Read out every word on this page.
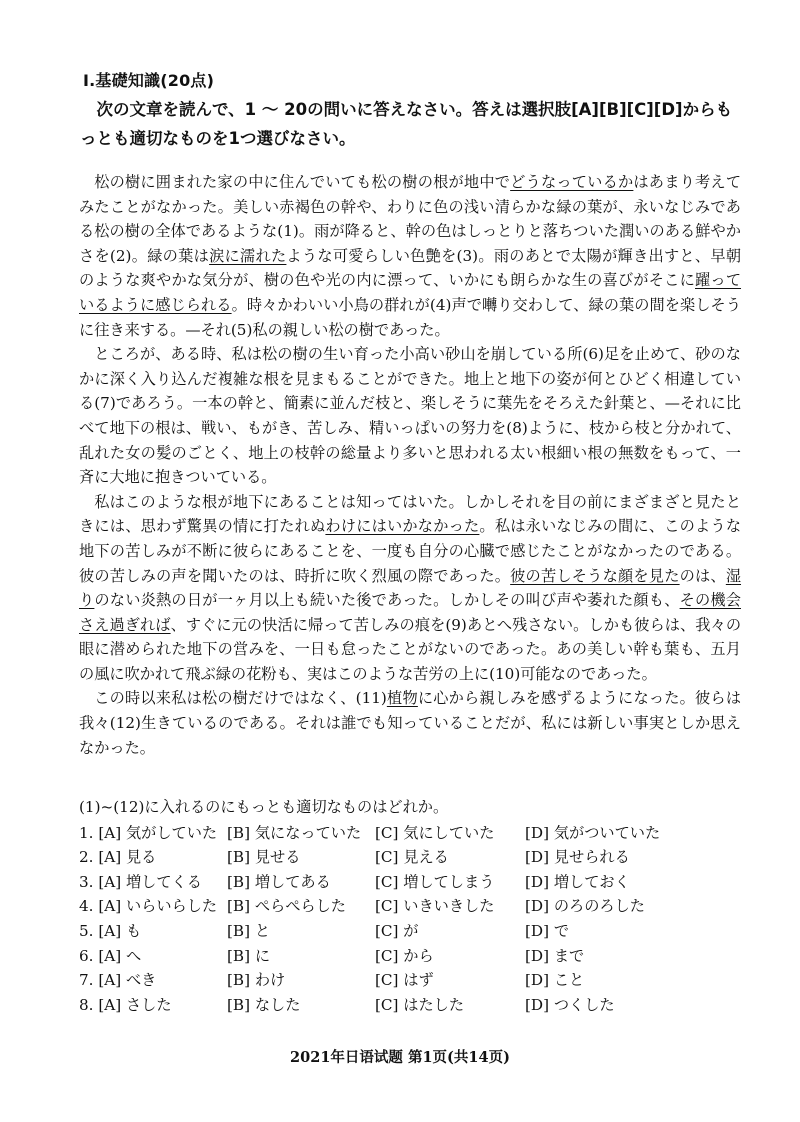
Ⅰ.基礎知識(20点)

次の文章を読んで、1 ～ 20の問いに答えなさい。答えは選択肢[A][B][C][D]からもっとも適切なものを1つ選びなさい。

松の樹に囲まれた家の中に住んでいても松の樹の根が地中でどうなっているかはあまり考えてみたことがなかった。美しい赤褐色の幹や、わりに色の浅い清らかな緑の葉が、永いなじみである松の樹の全体であるような(1)。雨が降ると、幹の色はしっとりと落ちついた潤いのある鮮やかさを(2)。緑の葉は涙に濡れたような可愛らしい色艶を(3)。雨のあとで太陽が輝き出すと、早朝のような爽やかな気分が、樹の色や光の内に漂って、いかにも朗らかな生の喜びがそこに躍っているように感じられる。時々かわいい小鳥の群れが(4)声で囀り交わして、緑の葉の間を楽しそうに往き来する。—それ(5)私の親しい松の樹であった。

ところが、ある時、私は松の樹の生い育った小高い砂山を崩している所(6)足を止めて、砂のなかに深く入り込んだ複雑な根を見まもることができた。地上と地下の姿が何とひどく相違している(7)であろう。一本の幹と、簡素に並んだ枝と、楽しそうに葉先をそろえた針葉と、—それに比べて地下の根は、戦い、もがき、苦しみ、精いっぱいの努力を(8)ように、枝から枝と分かれて、乱れた女の髪のごとく、地上の枝幹の総量より多いと思われる太い根細い根の無数をもって、一斉に大地に抱きついている。

私はこのような根が地下にあることは知ってはいた。しかしそれを目の前にまざまざと見たときには、思わず驚異の情に打たれぬわけにはいかなかった。私は永いなじみの間に、このような地下の苦しみが不断に彼らにあることを、一度も自分の心臓で感じたことがなかったのである。彼の苦しみの声を聞いたのは、時折に吹く烈風の際であった。彼の苦しそうな顔を見たのは、湿りのない炎熱の日が一ヶ月以上も続いた後であった。しかしその叫び声や萎れた顔も、その機会さえ過ぎれば、すぐに元の快活に帰って苦しみの痕を(9)あとへ残さない。しかも彼らは、我々の眼に潜められた地下の営みを、一日も怠ったことがないのであった。あの美しい幹も葉も、五月の風に吹かれて飛ぶ緑の花粉も、実はこのような苦労の上に(10)可能なのであった。

この時以来私は松の樹だけではなく、(11)植物に心から親しみを感ずるようになった。彼らは我々(12)生きているのである。それは誰でも知っていることだが、私には新しい事実としか思えなかった。

(1)~(12)に入れるのにもっとも適切なものはどれか。

1. [A] 気がしていた [B] 気になっていた [C] 気にしていた	[D] 気がついていた
2. [A] 見る	[B] 見せる	[C] 見える	[D] 見せられる
3. [A] 増してくる	[B] 増してある	[C] 増してしまう	[D] 増しておく
4. [A] いらいらした [B] ぺらぺらした	[C] いきいきした	[D] のろのろした
5. [A] も	[B] と	[C] が	[D] で
6. [A] へ	[B] に	[C] から	[D] まで
7. [A] べき	[B] わけ	[C] はず	[D] こと
8. [A] さした	[B] なした	[C] はたした	[D] つくした
2021年日语试题 第1页(共14页)
